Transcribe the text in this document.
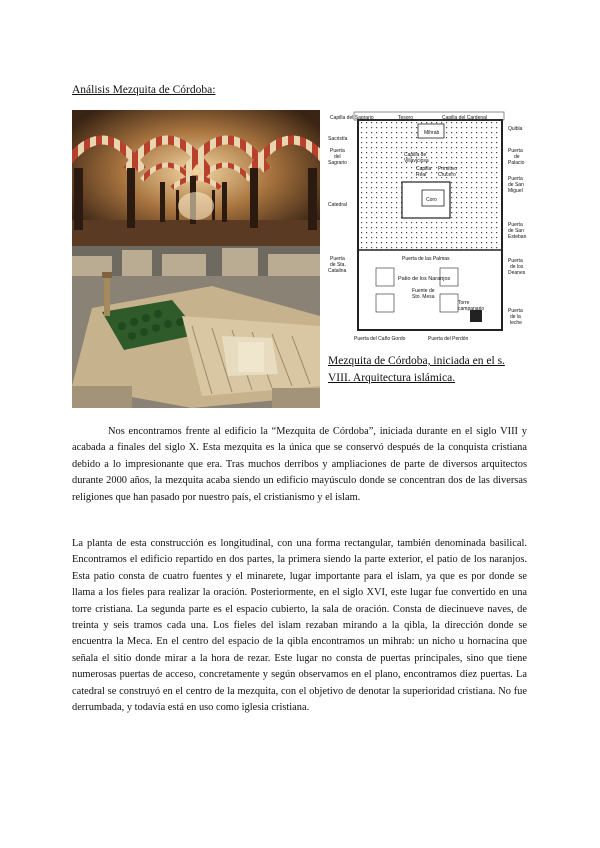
Análisis Mezquita de Córdoba:
Capilla del Sagrario	Tesoro	Capilla del Cardenal
Quibla
Sacristía
Mihrab
Puerta
del
Sagrario
Puerta
de
Palacio
Capilla de
Villaviciosa
Capilla
Real
Primitivo
Crucero
Puerta
de San
Miguel
Catedral
Coro
Puerta
de San
Esteban
Puerta de las Palmas
Patio de los Naranjos
Puerta
de Sta.
Catalina
Puerta
de los
Deanes
Fuente de
Sto. Mesa
Torre
campanario	Puerta
de la
leche
Puerta del Caño Gordo	Puerta del Perdón
Mezquita de Córdoba, iniciada en el s.
VIII. Arquitectura islámica.

Nos encontramos frente al edificio la “Mezquita de Córdoba”, iniciada durante en el siglo VIII y acabada a finales del siglo X. Esta mezquita es la única que se conservó después de la conquista cristiana debido a lo impresionante que era. Tras muchos derribos y ampliaciones de parte de diversos arquitectos durante 2000 años, la mezquita acaba siendo un edificio mayúsculo donde se concentran dos de las diversas religiones que han pasado por nuestro país, el cristianismo y el islam.

La planta de esta construcción es longitudinal, con una forma rectangular, también denominada basilical. Encontramos el edificio repartido en dos partes, la primera siendo la parte exterior, el patio de los naranjos. Esta patio consta de cuatro fuentes y el minarete, lugar importante para el islam, ya que es por donde se llama a los fieles para realizar la oración. Posteriormente, en el siglo XVI, este lugar fue convertido en una torre cristiana. La segunda parte es el espacio cubierto, la sala de oración. Consta de diecinueve naves, de treinta y seis tramos cada una. Los fieles del islam rezaban mirando a la qibla, la dirección donde se encuentra la Meca. En el centro del espacio de la qibla encontramos un mihrab: un nicho u hornacina que señala el sitio donde mirar a la hora de rezar. Este lugar no consta de puertas principales, sino que tiene numerosas puertas de acceso, concretamente y según observamos en el plano, encontramos diez puertas. La catedral se construyó en el centro de la mezquita, con el objetivo de denotar la superioridad cristiana. No fue derrumbada, y todavía está en uso como iglesia cristiana.
